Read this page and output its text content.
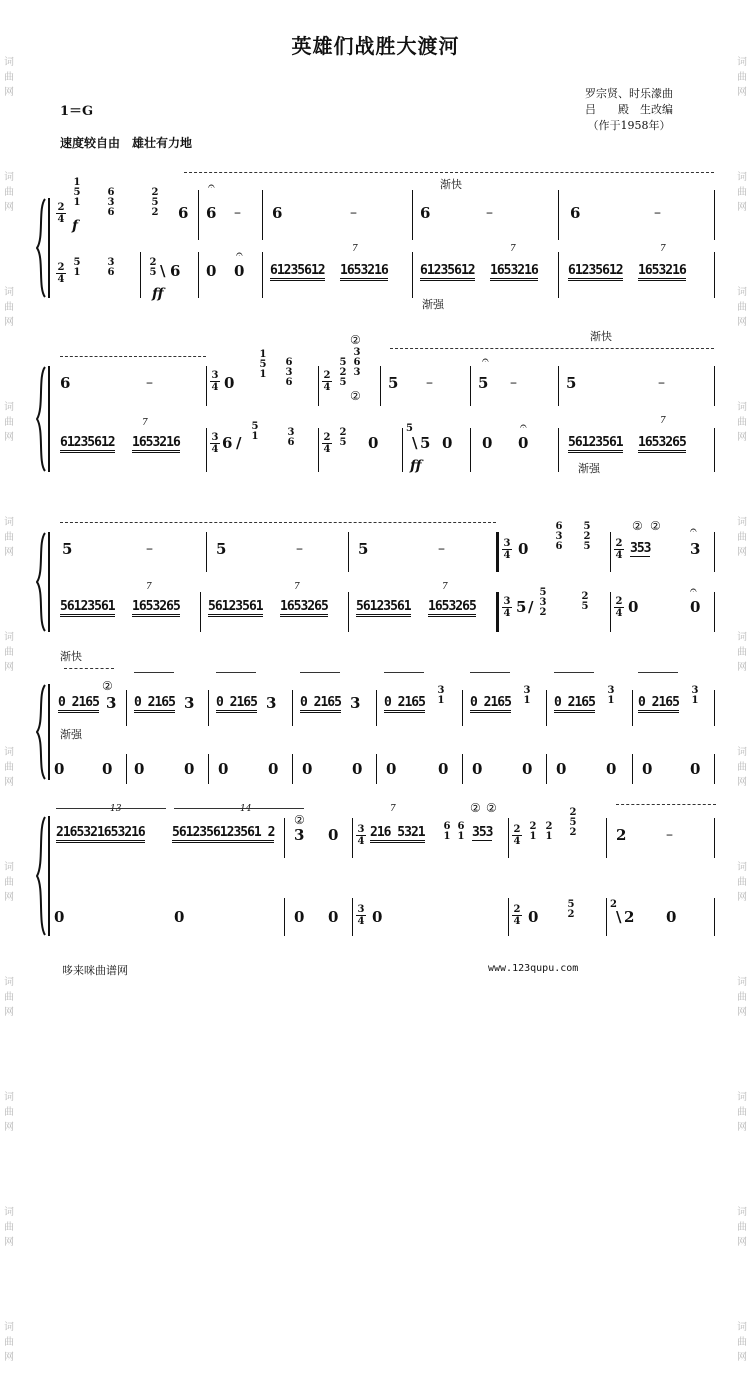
词曲网

词曲网

词曲网

词曲网

词曲网

词曲网

词曲网

词曲网

词曲网

词曲网

词曲网

词曲网

词曲网

词曲网

词曲网

词曲网

词曲网

词曲网

词曲网

词曲网

词曲网

词曲网

词曲网

词曲网

英雄们战胜大渡河
罗宗贤、时乐濛曲
吕　　殿　生改编
（作于1958年）
1＝G
速度较自由　雄壮有力地
2
4
1
5
1
f
6
3
6
2
5
2 6
𝄐
6 – 6	–	6	–	6	–
渐快
2
4
5
1
3
6
2
5 \ 6
ff
0
𝄐
0 61235612
7
1653216 61235612
7
1653216 61235612
7
1653216
渐强
6	–	3
4 0
1
5
1
6
3
6
2
4
5
2
5
②
3
6
3
②
5 –
𝄐
5 –	5	–
渐快
61235612
7
1653216	3
4 6 /
5
1	3
6	2
4
2
5 0
5
\ 5 0
ff
0
𝄐
0	56123561
7
1653265
渐强
5	–	5	–	5	–	3
4 0
6
3
6
5
2
5	2
4
② ②
353
𝄐
3
56123561
7
1653265 56123561
7
1653265 56123561
7
1653265	3
4 5 /
5
3
2
2
5	2
4 0
𝄐
0
渐快
②
0 2165 3 0 2165 3 0 2165 3 0 2165 3 0 2165
3
1 0 2165
3
1 0 2165
3
1 0 2165
3
1
渐强
0	0 0	0 0	0 0	0 0	0 0	0 0	0 0	0
13
2165321653216
14
5612356123561 2
②
3 0 3
4
7
216 5321 6
1
6
1
② ②
353 2
4
2
1
2
1
2
5
2	2	–
0	0	0 0 3
4 0	2
4 0
5
2
2
\ 2 0
哆来咪曲谱网	www.123qupu.com
